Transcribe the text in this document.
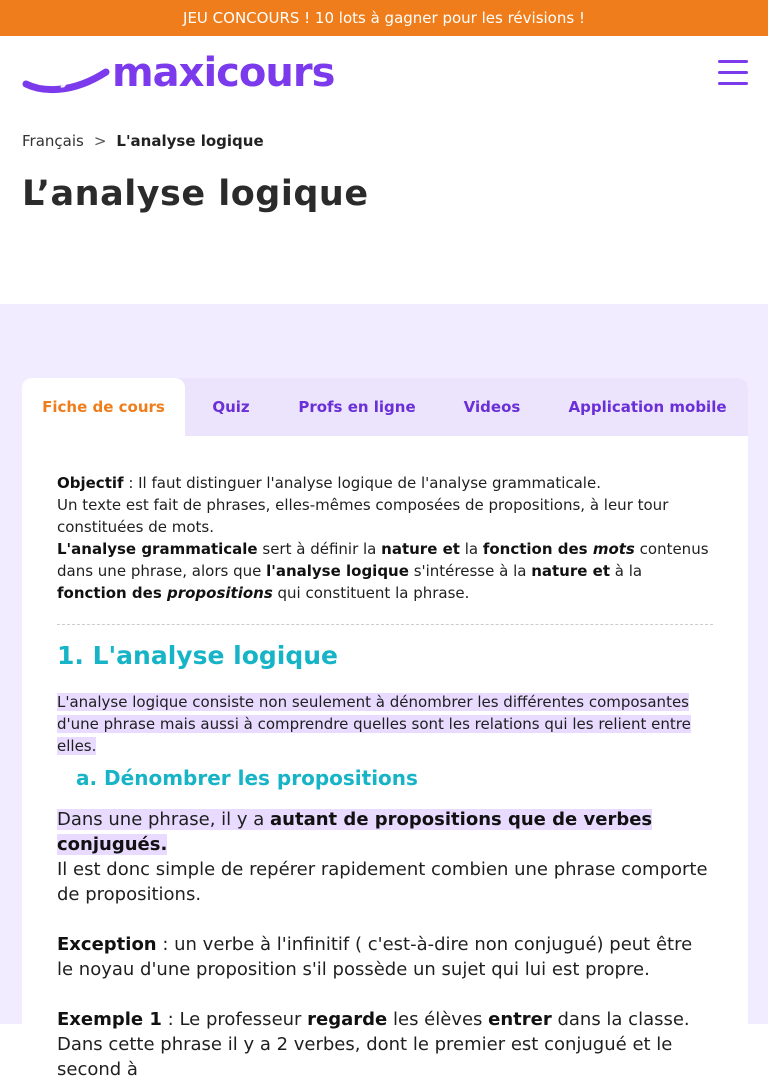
JEU CONCOURS ! 10 lots à gagner pour les révisions !
my maxicours
Français > L'analyse logique
L’analyse logique
Fiche de cours	Quiz	Profs en ligne	Videos	Application mobile

Objectif : Il faut distinguer l'analyse logique de l'analyse grammaticale.

Un texte est fait de phrases, elles-mêmes composées de propositions, à leur tour constituées de mots.

L'analyse grammaticale sert à définir la nature et la fonction des mots contenus dans une phrase, alors que l'analyse logique s'intéresse à la nature et à la fonction des propositions qui constituent la phrase.

1. L'analyse logique

L'analyse logique consiste non seulement à dénombrer les différentes composantes d'une phrase mais aussi à comprendre quelles sont les relations qui les relient entre elles.

a. Dénombrer les propositions

Dans une phrase, il y a autant de propositions que de verbes conjugués.
Il est donc simple de repérer rapidement combien une phrase comporte de propositions.

Exception : un verbe à l'infinitif ( c'est-à-dire non conjugué) peut être le noyau d'une proposition s'il possède un sujet qui lui est propre.

Exemple 1 : Le professeur regarde les élèves entrer dans la classe.
Dans cette phrase il y a 2 verbes, dont le premier est conjugué et le second à
